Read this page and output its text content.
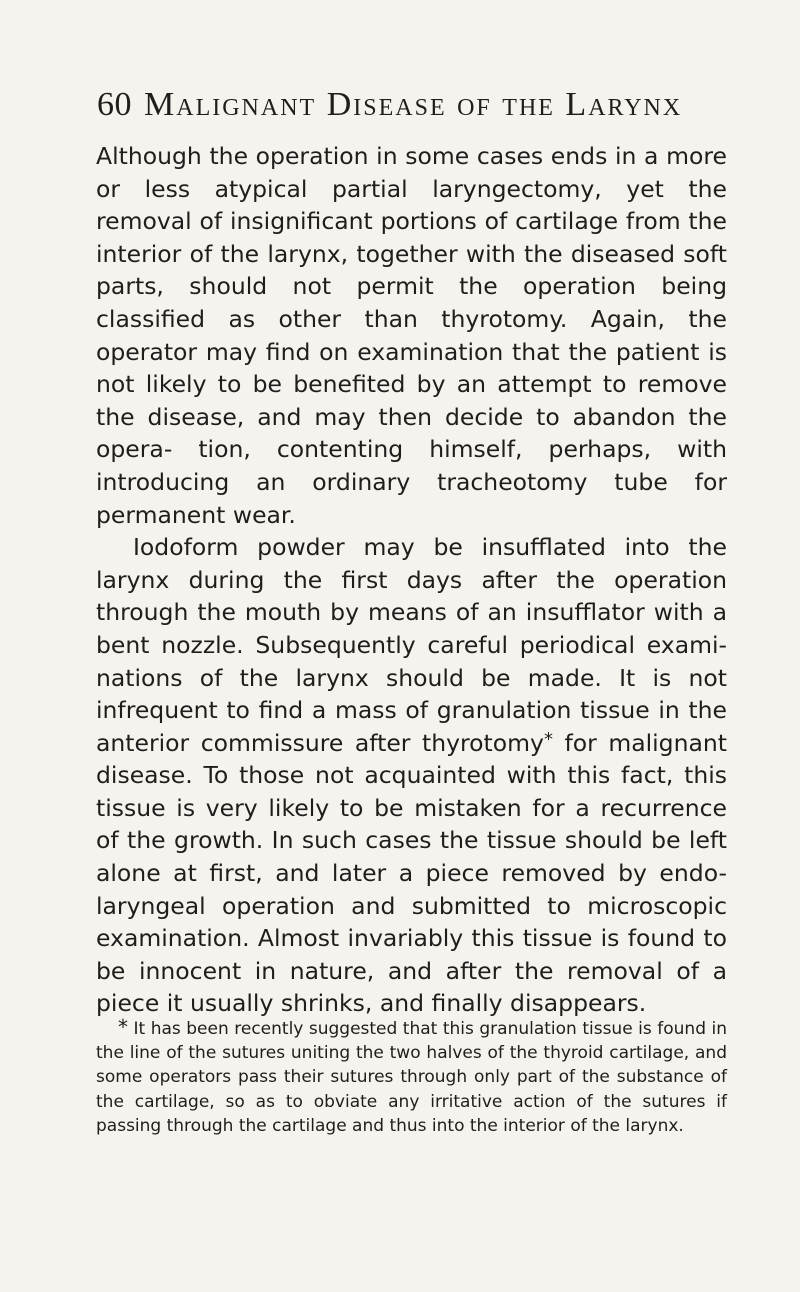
60 Malignant Disease of the Larynx

Although the operation in some cases ends in a more or less atypical partial laryngectomy, yet the removal of insignificant portions of cartilage from the interior of the larynx, together with the diseased soft parts, should not permit the operation being classified as other than thyrotomy. Again, the operator may find on examination that the patient is not likely to be benefited by an attempt to remove the disease, and may then decide to abandon the opera- tion, contenting himself, perhaps, with introducing an ordinary tracheotomy tube for permanent wear.

Iodoform powder may be insufflated into the larynx during the first days after the operation through the mouth by means of an insufflator with a bent nozzle. Subsequently careful periodical exami- nations of the larynx should be made. It is not infrequent to find a mass of granulation tissue in the anterior commissure after thyrotomy* for malignant disease. To those not acquainted with this fact, this tissue is very likely to be mistaken for a recurrence of the growth. In such cases the tissue should be left alone at first, and later a piece removed by endo- laryngeal operation and submitted to microscopic examination. Almost invariably this tissue is found to be innocent in nature, and after the removal of a piece it usually shrinks, and finally disappears.

* It has been recently suggested that this granulation tissue is found in the line of the sutures uniting the two halves of the thyroid cartilage, and some operators pass their sutures through only part of the substance of the cartilage, so as to obviate any irritative action of the sutures if passing through the cartilage and thus into the interior of the larynx.
